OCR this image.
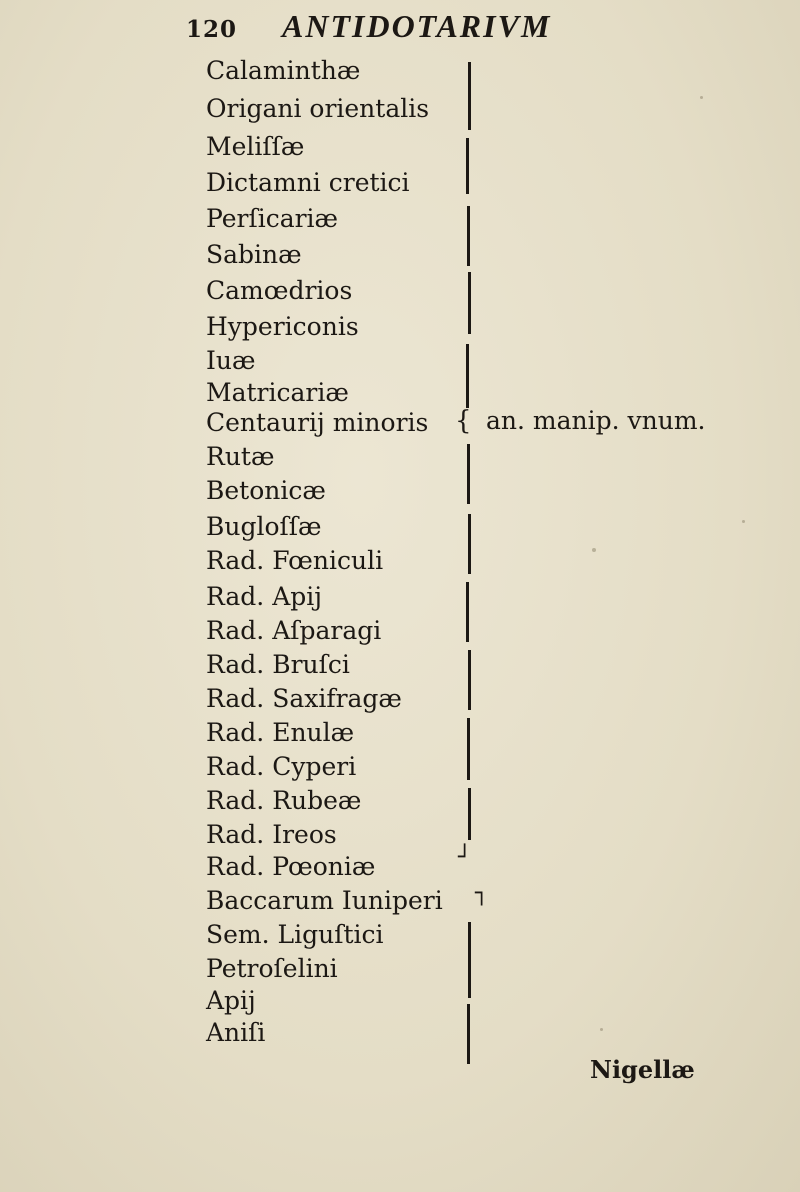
120 ANTIDOTARIVM
Calaminthæ
Origani orientalis
Meliſſæ
Dictamni cretici
Perſicariæ
Sabinæ
Camœdrios
Hypericonis
Iuæ
Matricariæ
Centaurij minoris
Rutæ
Betonicæ
Bugloſſæ
Rad. Fœniculi
Rad. Apij
Rad. Aſparagi
Rad. Bruſci
Rad. Saxifragæ
Rad. Enulæ
Rad. Cyperi
Rad. Rubeæ
Rad. Ireos
Rad. Pœoniæ
Baccarum Iuniperi
Sem. Liguſtici
Petroſelini
Apij
Aniſi
{ an. manip. vnum.
┘
┐
Nigellæ
